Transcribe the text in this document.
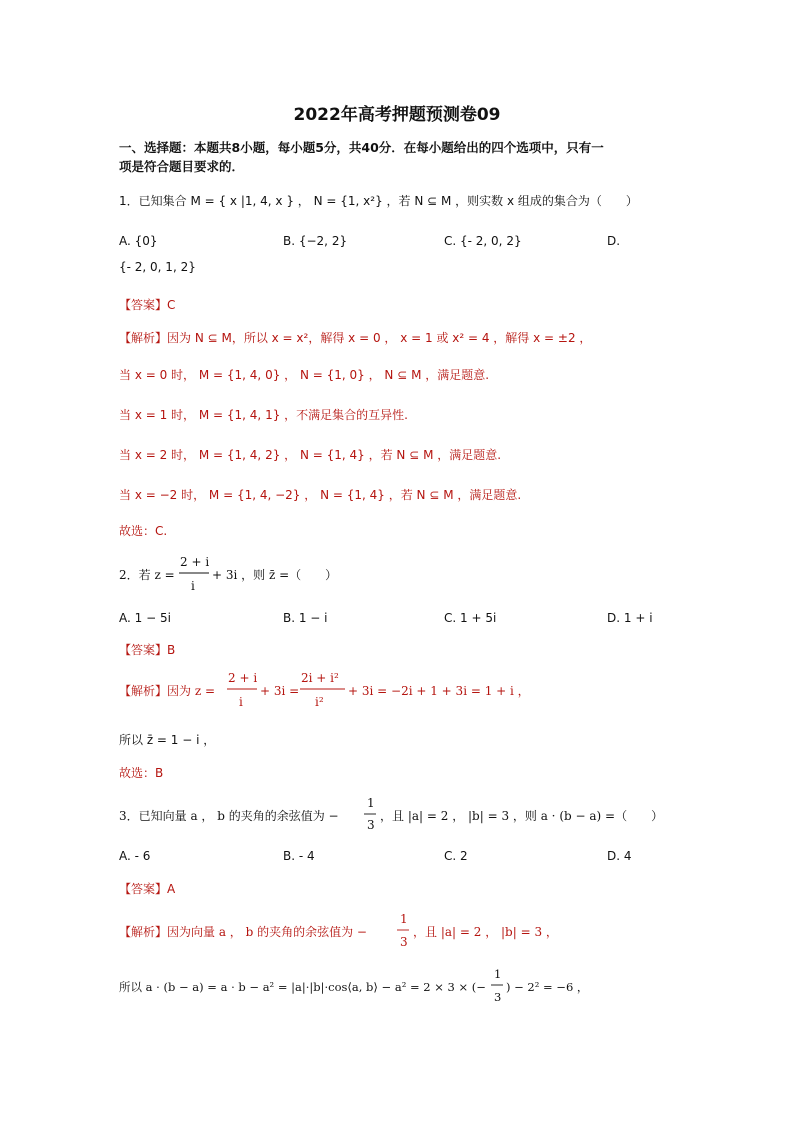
2022年高考押题预测卷09
一、选择题：本题共8小题，每小题5分，共40分．在每小题给出的四个选项中，只有一
项是符合题目要求的．
1．已知集合 M = { x |1, 4, x } ， N = {1, x²} ，若 N ⊆ M ，则实数 x 组成的集合为（　　）
A. {0}	B. {−2, 2}	C. {- 2, 0, 2}	D.
{- 2, 0, 1, 2}
【答案】C
【解析】因为 N ⊆ M，所以 x = x²，解得 x = 0 ， x = 1 或 x² = 4 ，解得 x = ±2 ，
当 x = 0 时， M = {1, 4, 0} ， N = {1, 0} ， N ⊆ M ，满足题意.
当 x = 1 时， M = {1, 4, 1} ，不满足集合的互异性.
当 x = 2 时， M = {1, 4, 2} ， N = {1, 4} ，若 N ⊆ M ，满足题意.
当 x = −2 时， M = {1, 4, −2} ， N = {1, 4} ，若 N ⊆ M ，满足题意.
故选：C.
2．若 z =
2 + i
i
+ 3i ，则 z̄ =（　　）
【解析】因为 z =
2 + i
i
+ 3i =
2i + i²
i²
+ 3i = −2i + 1 + 3i = 1 + i ，
3．已知向量 a ， b 的夹角的余弦值为 −
1
3
，且 |a| = 2 ， |b| = 3 ，则 a · (b − a) =（　　）
【解析】因为向量 a ， b 的夹角的余弦值为 −
1
3
，且 |a| = 2 ， |b| = 3 ，
所以 a · (b − a) = a · b − a² = |a|·|b|·cos⟨a, b⟩ − a² = 2 × 3 × (−
1
3
) − 2² = −6 ，
A. 1 − 5i	B. 1 − i	C. 1 + 5i	D. 1 + i
【答案】B
所以 z̄ = 1 − i ，
故选：B
A. - 6	B. - 4	C. 2	D. 4
【答案】A
